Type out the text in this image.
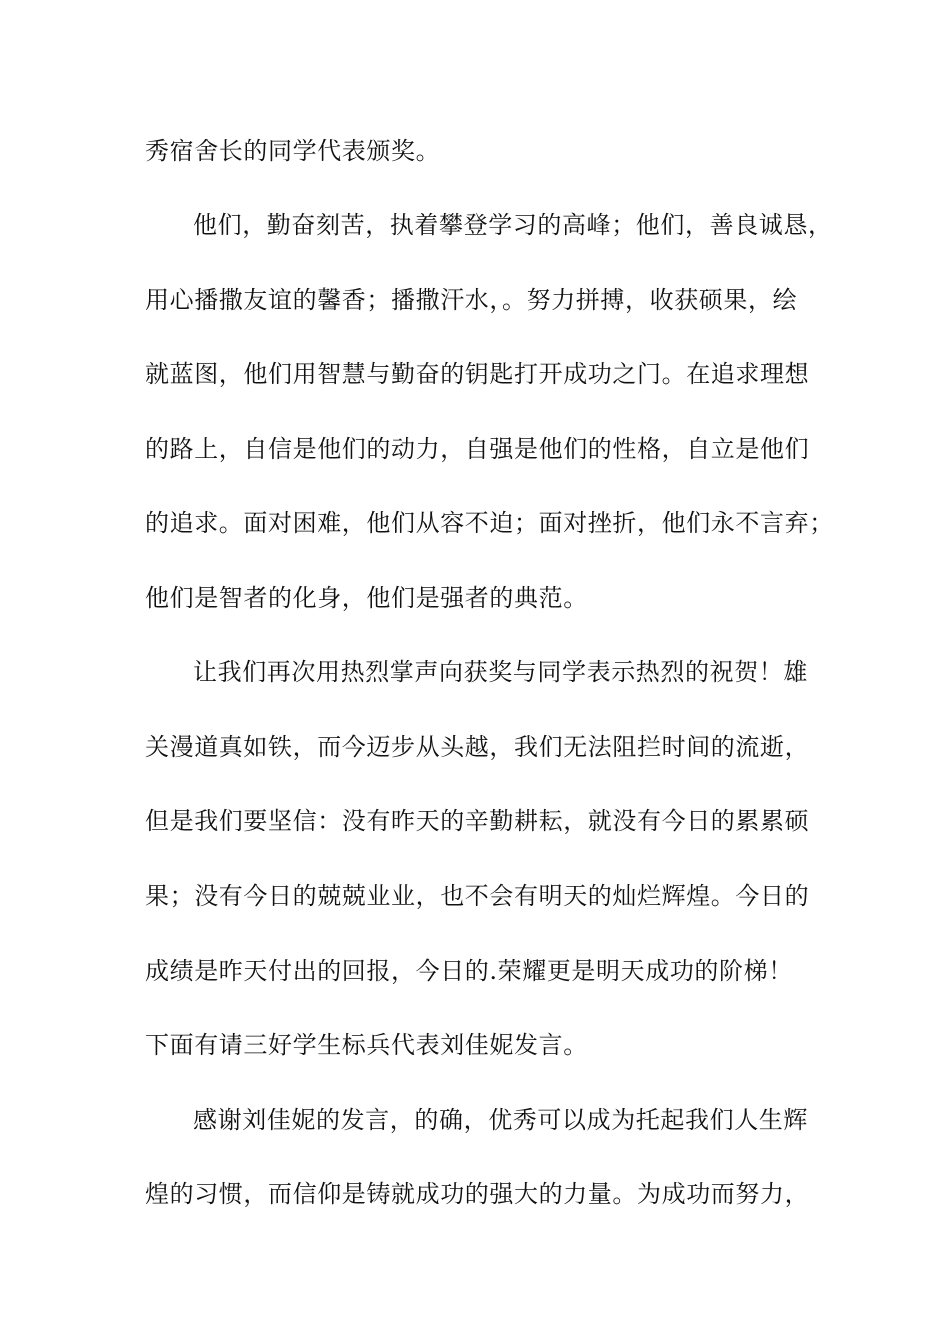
秀宿舍长的同学代表颁奖。
他们，勤奋刻苦，执着攀登学习的高峰；他们，善良诚恳，
用心播撒友谊的馨香；播撒汗水，。努力拼搏，收获硕果，绘
就蓝图，他们用智慧与勤奋的钥匙打开成功之门。在追求理想
的路上，自信是他们的动力，自强是他们的性格，自立是他们
的追求。面对困难，他们从容不迫；面对挫折，他们永不言弃；
他们是智者的化身，他们是强者的典范。
让我们再次用热烈掌声向获奖与同学表示热烈的祝贺！雄
关漫道真如铁，而今迈步从头越，我们无法阻拦时间的流逝，
但是我们要坚信：没有昨天的辛勤耕耘，就没有今日的累累硕
果；没有今日的兢兢业业，也不会有明天的灿烂辉煌。今日的
成绩是昨天付出的回报，今日的.荣耀更是明天成功的阶梯！
下面有请三好学生标兵代表刘佳妮发言。
感谢刘佳妮的发言，的确，优秀可以成为托起我们人生辉
煌的习惯，而信仰是铸就成功的强大的力量。为成功而努力，
